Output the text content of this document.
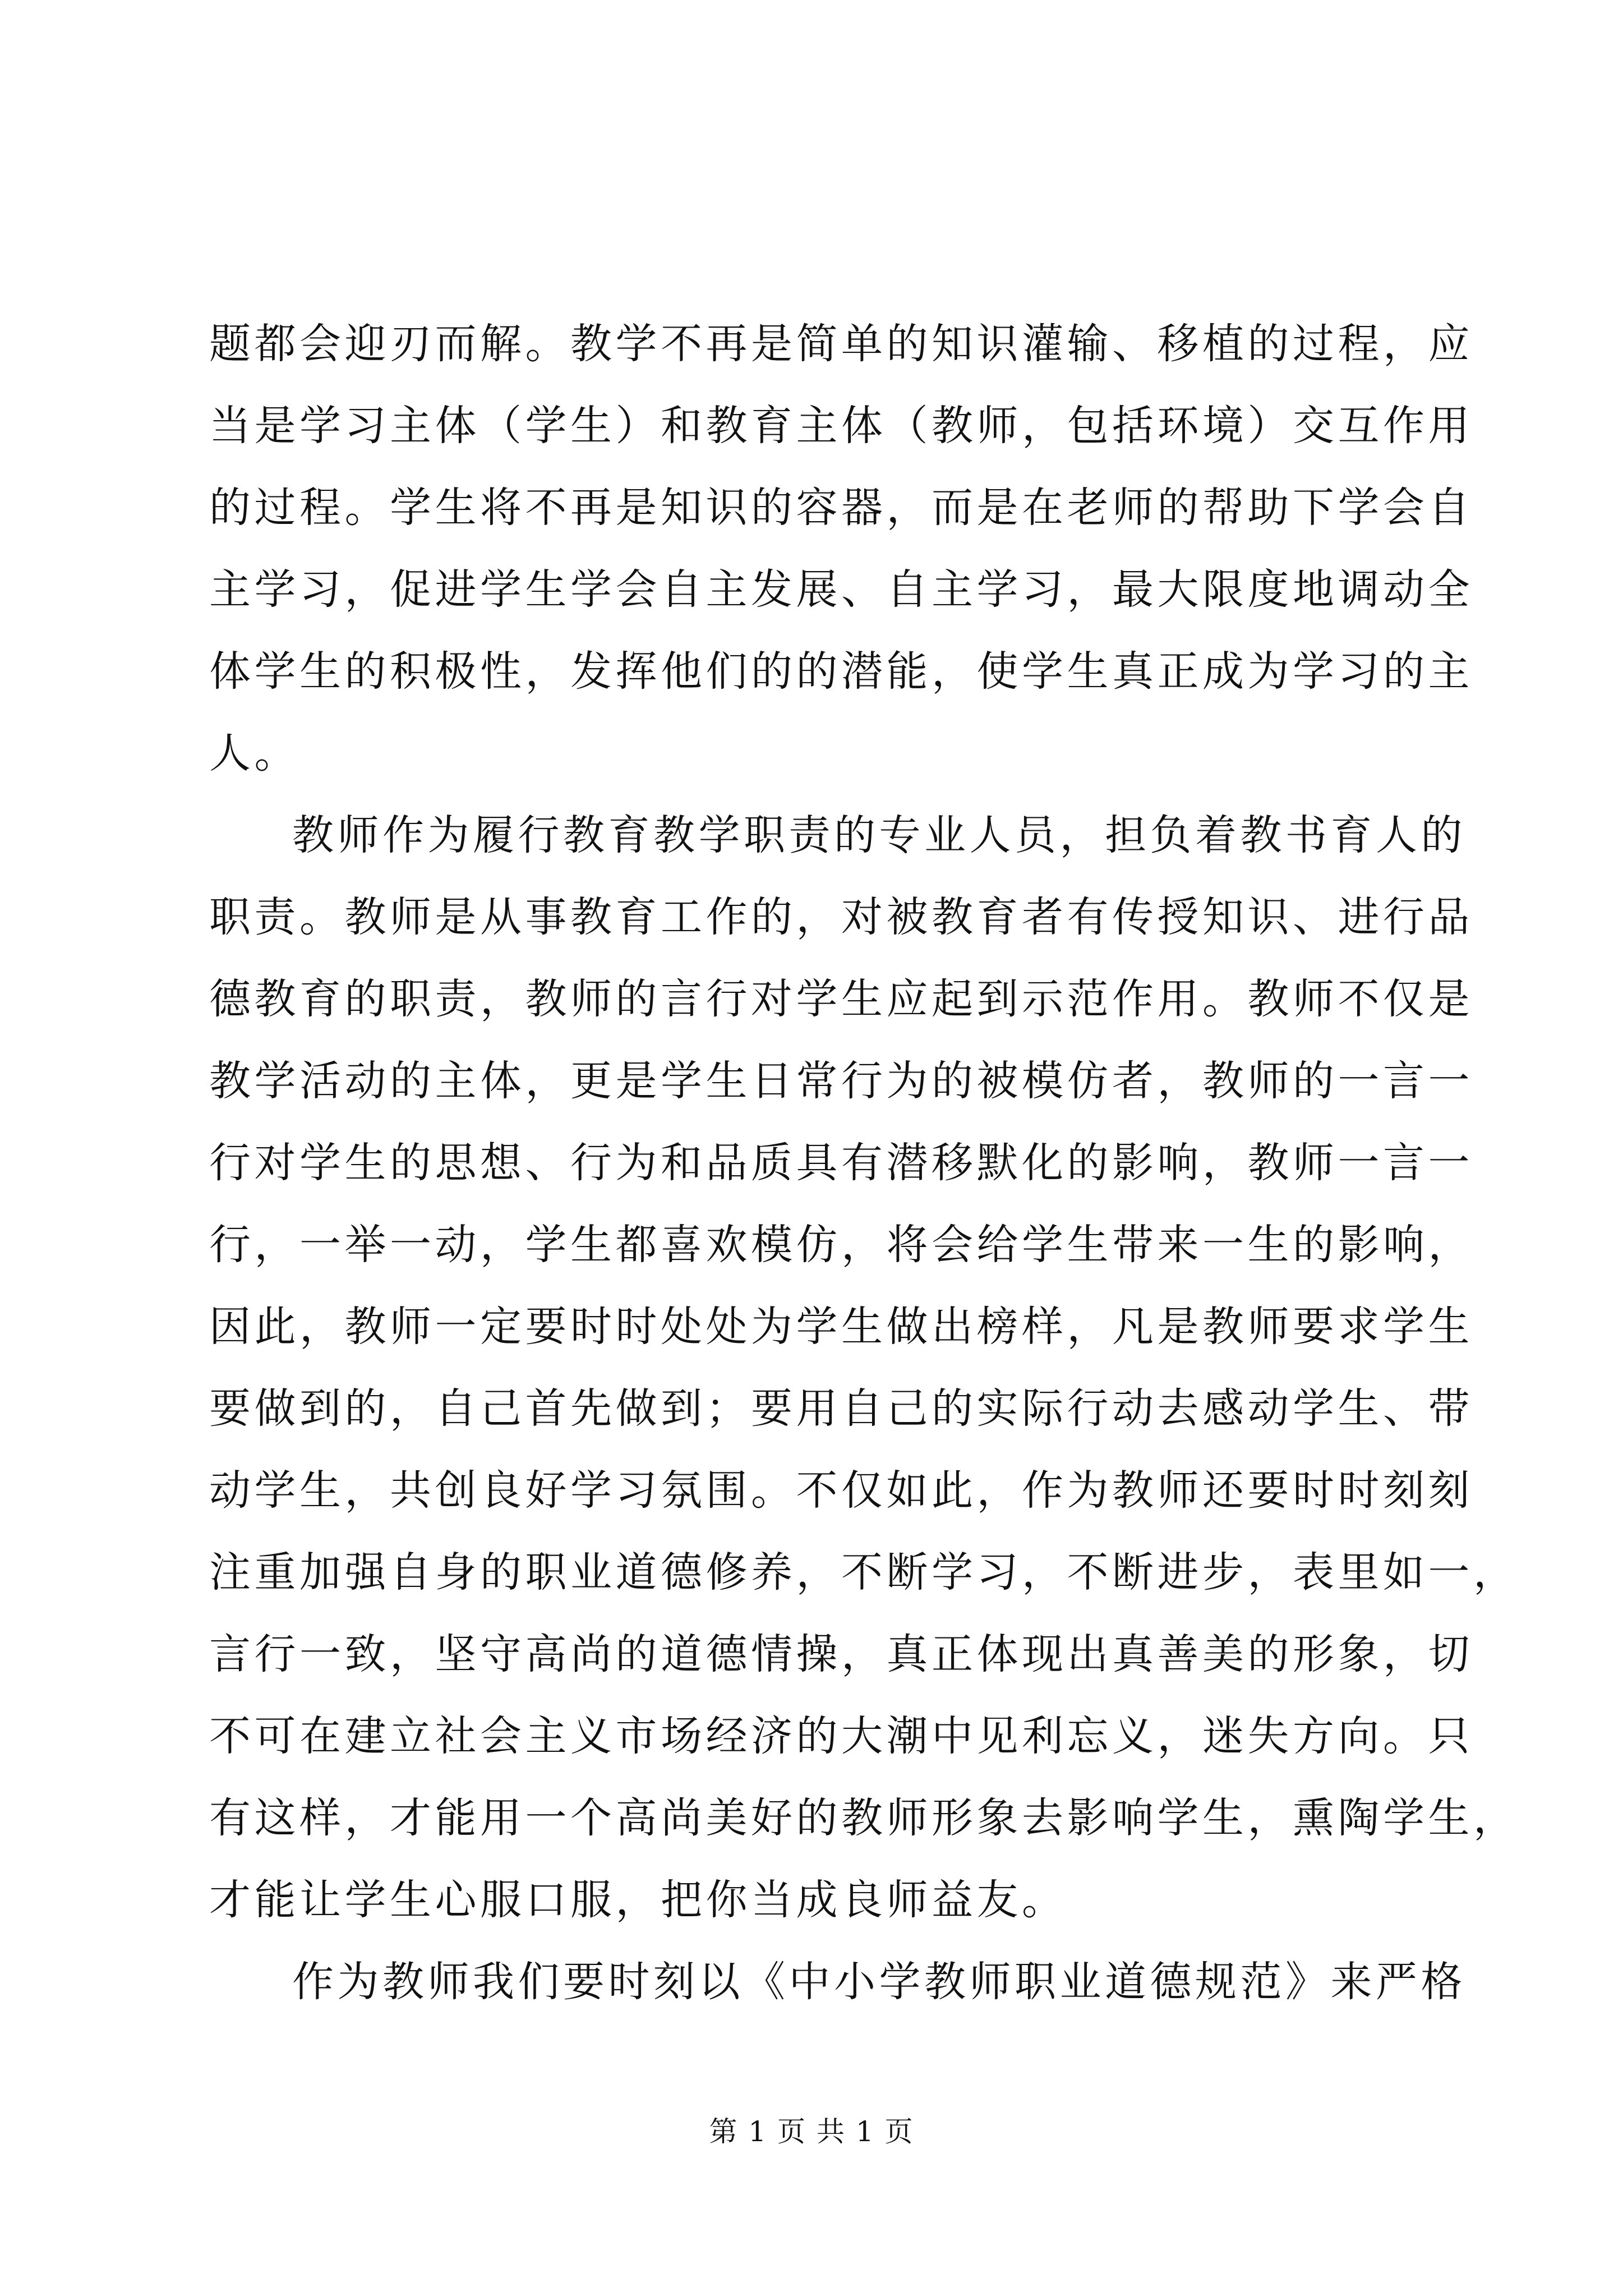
题都会迎刃而解。教学不再是简单的知识灌输、移植的过程，应
当是学习主体（学生）和教育主体（教师，包括环境）交互作用
的过程。学生将不再是知识的容器，而是在老师的帮助下学会自
主学习，促进学生学会自主发展、自主学习，最大限度地调动全
体学生的积极性，发挥他们的的潜能，使学生真正成为学习的主
人。
教师作为履行教育教学职责的专业人员，担负着教书育人的
职责。教师是从事教育工作的，对被教育者有传授知识、进行品
德教育的职责，教师的言行对学生应起到示范作用。教师不仅是
教学活动的主体，更是学生日常行为的被模仿者，教师的一言一
行对学生的思想、行为和品质具有潜移默化的影响，教师一言一
行，一举一动，学生都喜欢模仿，将会给学生带来一生的影响，
因此，教师一定要时时处处为学生做出榜样，凡是教师要求学生
要做到的，自己首先做到；要用自己的实际行动去感动学生、带
动学生，共创良好学习氛围。不仅如此，作为教师还要时时刻刻
注重加强自身的职业道德修养，不断学习，不断进步，表里如一，
言行一致，坚守高尚的道德情操，真正体现出真善美的形象，切
不可在建立社会主义市场经济的大潮中见利忘义，迷失方向。只
有这样，才能用一个高尚美好的教师形象去影响学生，熏陶学生，
才能让学生心服口服，把你当成良师益友。
作为教师我们要时刻以《中小学教师职业道德规范》来严格
第 1 页 共 1 页
